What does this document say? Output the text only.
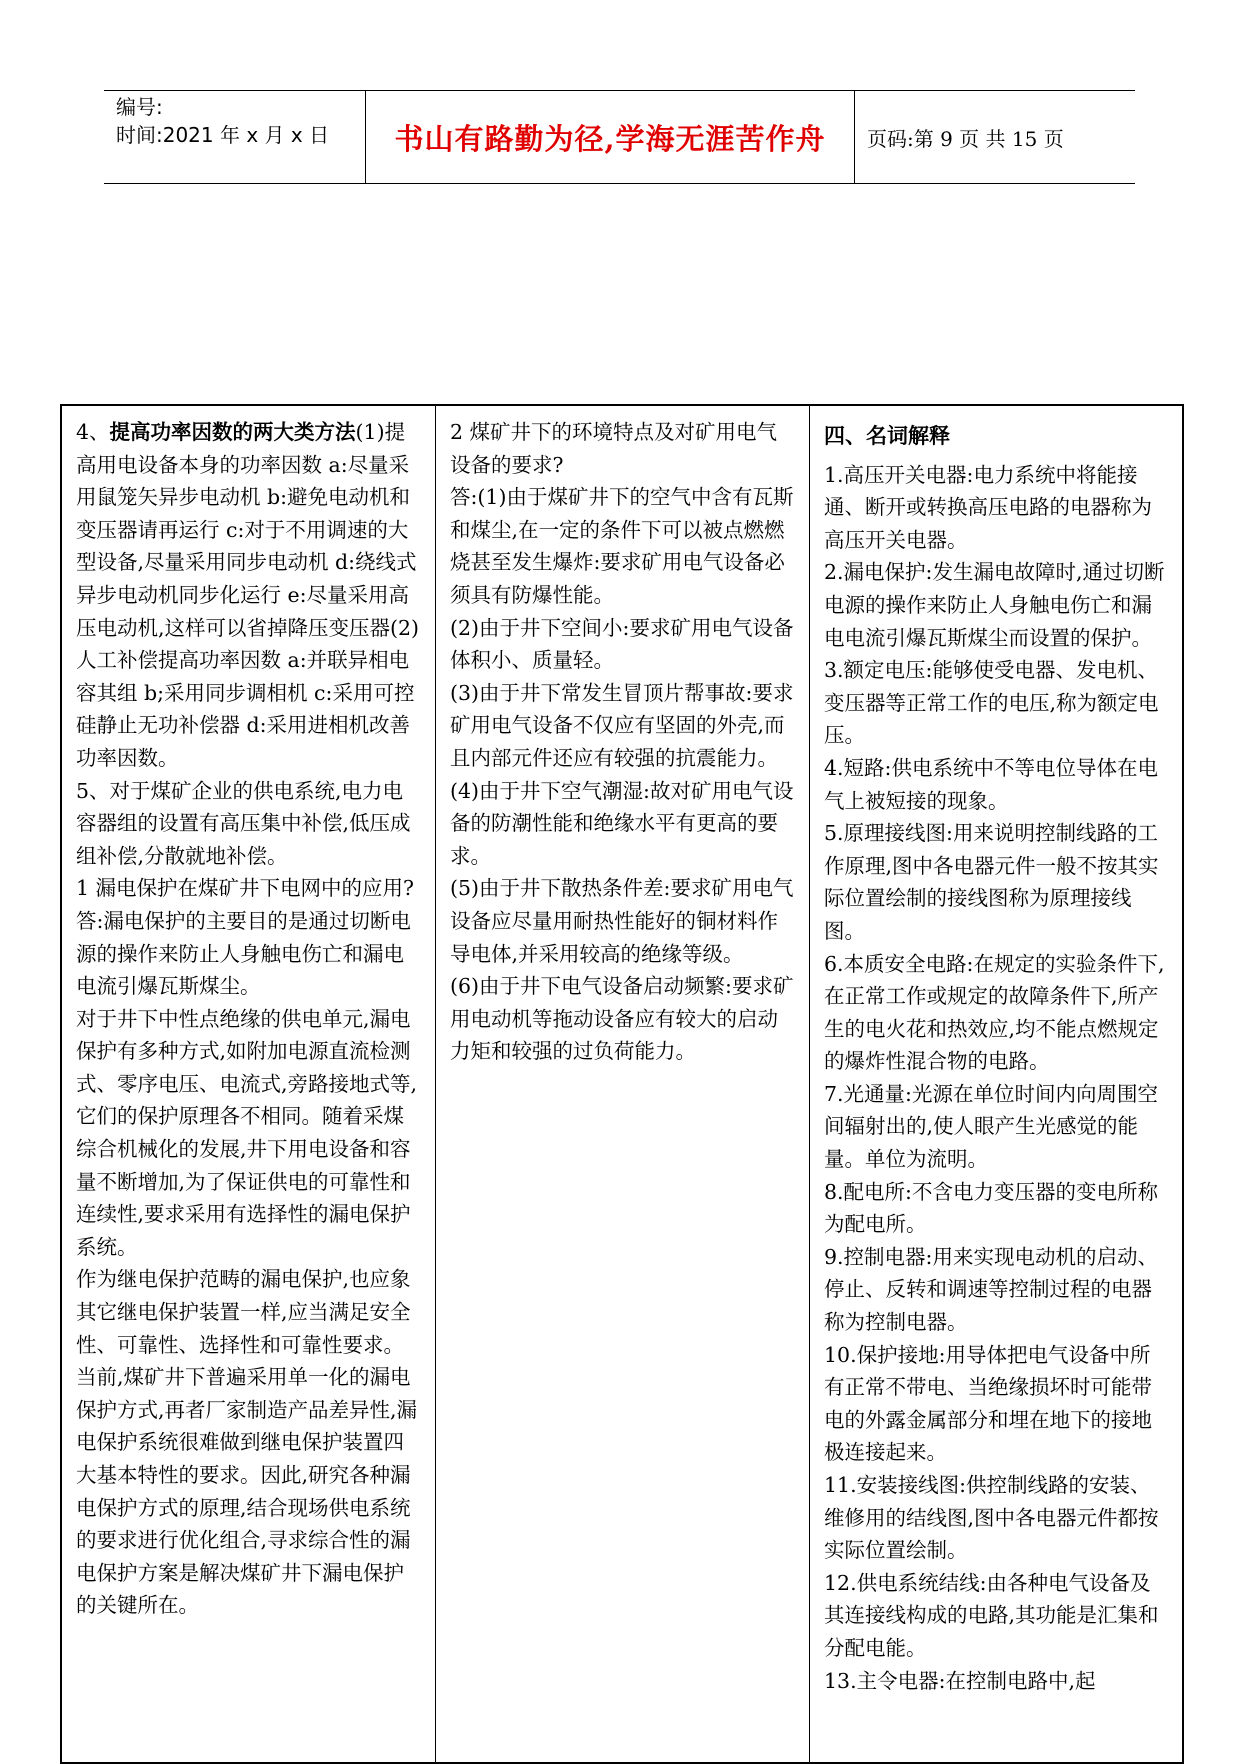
编号:
时间:2021 年 x 月 x 日	书山有路勤为径,学海无涯苦作舟 页码:第 9 页 共 15 页

4、提高功率因数的两大类方法(1)提高用电设备本身的功率因数 a:尽量采用鼠笼矢异步电动机 b:避免电动机和变压器请再运行 c:对于不用调速的大型设备,尽量采用同步电动机 d:绕线式异步电动机同步化运行 e:尽量采用高压电动机,这样可以省掉降压变压器(2)人工补偿提高功率因数 a:并联异相电容其组 b;采用同步调相机 c:采用可控硅静止无功补偿器 d:采用进相机改善功率因数。

5、对于煤矿企业的供电系统,电力电容器组的设置有高压集中补偿,低压成组补偿,分散就地补偿。

1 漏电保护在煤矿井下电网中的应用?

答:漏电保护的主要目的是通过切断电源的操作来防止人身触电伤亡和漏电电流引爆瓦斯煤尘。

对于井下中性点绝缘的供电单元,漏电保护有多种方式,如附加电源直流检测式、零序电压、电流式,旁路接地式等,它们的保护原理各不相同。随着采煤综合机械化的发展,井下用电设备和容量不断增加,为了保证供电的可靠性和连续性,要求采用有选择性的漏电保护系统。

作为继电保护范畴的漏电保护,也应象其它继电保护装置一样,应当满足安全性、可靠性、选择性和可靠性要求。

当前,煤矿井下普遍采用单一化的漏电保护方式,再者厂家制造产品差异性,漏电保护系统很难做到继电保护装置四大基本特性的要求。因此,研究各种漏电保护方式的原理,结合现场供电系统的要求进行优化组合,寻求综合性的漏电保护方案是解决煤矿井下漏电保护的关键所在。

2 煤矿井下的环境特点及对矿用电气设备的要求?

答:(1)由于煤矿井下的空气中含有瓦斯和煤尘,在一定的条件下可以被点燃燃烧甚至发生爆炸:要求矿用电气设备必须具有防爆性能。

(2)由于井下空间小:要求矿用电气设备体积小、质量轻。

(3)由于井下常发生冒顶片帮事故:要求矿用电气设备不仅应有坚固的外壳,而且内部元件还应有较强的抗震能力。

(4)由于井下空气潮湿:故对矿用电气设备的防潮性能和绝缘水平有更高的要求。

(5)由于井下散热条件差:要求矿用电气设备应尽量用耐热性能好的铜材料作导电体,并采用较高的绝缘等级。

(6)由于井下电气设备启动频繁:要求矿用电动机等拖动设备应有较大的启动力矩和较强的过负荷能力。

四、名词解释

1.高压开关电器:电力系统中将能接通、断开或转换高压电路的电器称为高压开关电器。

2.漏电保护:发生漏电故障时,通过切断电源的操作来防止人身触电伤亡和漏电电流引爆瓦斯煤尘而设置的保护。

3.额定电压:能够使受电器、发电机、变压器等正常工作的电压,称为额定电压。

4.短路:供电系统中不等电位导体在电气上被短接的现象。

5.原理接线图:用来说明控制线路的工作原理,图中各电器元件一般不按其实际位置绘制的接线图称为原理接线图。

6.本质安全电路:在规定的实验条件下,在正常工作或规定的故障条件下,所产生的电火花和热效应,均不能点燃规定的爆炸性混合物的电路。

7.光通量:光源在单位时间内向周围空间辐射出的,使人眼产生光感觉的能量。单位为流明。

8.配电所:不含电力变压器的变电所称为配电所。

9.控制电器:用来实现电动机的启动、停止、反转和调速等控制过程的电器称为控制电器。

10.保护接地:用导体把电气设备中所有正常不带电、当绝缘损坏时可能带电的外露金属部分和埋在地下的接地极连接起来。

11.安装接线图:供控制线路的安装、维修用的结线图,图中各电器元件都按实际位置绘制。

12.供电系统结线:由各种电气设备及其连接线构成的电路,其功能是汇集和分配电能。

13.主令电器:在控制电路中,起
